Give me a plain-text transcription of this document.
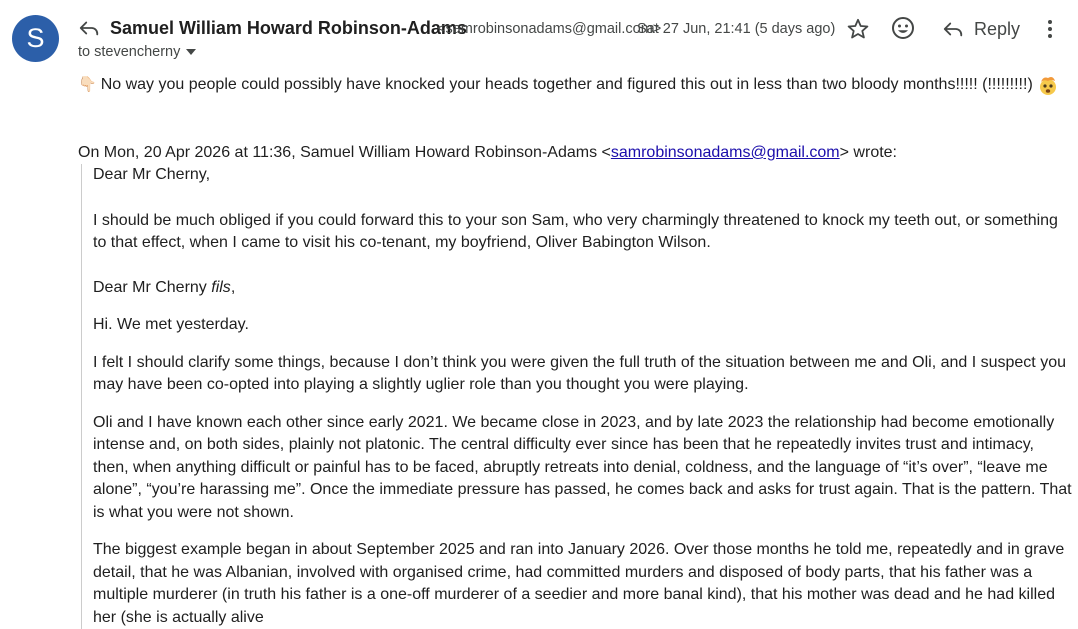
S	Samuel William Howard Robinson-Adams
<samrobinsonadams@gmail.com>
Sat 27 Jun, 21:41 (5 days ago)	Reply
to stevencherny
👇🏻 No way you people could possibly have knocked your heads together and figured this out in less than two bloody months!!!!! (!!!!!!!!!)
On Mon, 20 Apr 2026 at 11:36, Samuel William Howard Robinson-Adams <samrobinsonadams@gmail.com> wrote:

Dear Mr Cherny,

I should be much obliged if you could forward this to your son Sam, who very charmingly threatened to knock my teeth out, or something to that effect, when I came to visit his co-tenant, my boyfriend, Oliver Babington Wilson.

Dear Mr Cherny fils,

Hi. We met yesterday.

I felt I should clarify some things, because I don’t think you were given the full truth of the situation between me and Oli, and I suspect you may have been co-opted into playing a slightly uglier role than you thought you were playing.

Oli and I have known each other since early 2021. We became close in 2023, and by late 2023 the relationship had become emotionally intense and, on both sides, plainly not platonic. The central difficulty ever since has been that he repeatedly invites trust and intimacy, then, when anything difficult or painful has to be faced, abruptly retreats into denial, coldness, and the language of “it’s over”, “leave me alone”, “you’re harassing me”. Once the immediate pressure has passed, he comes back and asks for trust again. That is the pattern. That is what you were not shown.

The biggest example began in about September 2025 and ran into January 2026. Over those months he told me, repeatedly and in grave detail, that he was Albanian, involved with organised crime, had committed murders and disposed of body parts, that his father was a multiple murderer (in truth his father is a one-off murderer of a seedier and more banal kind), that his mother was dead and he had killed her (she is actually alive
